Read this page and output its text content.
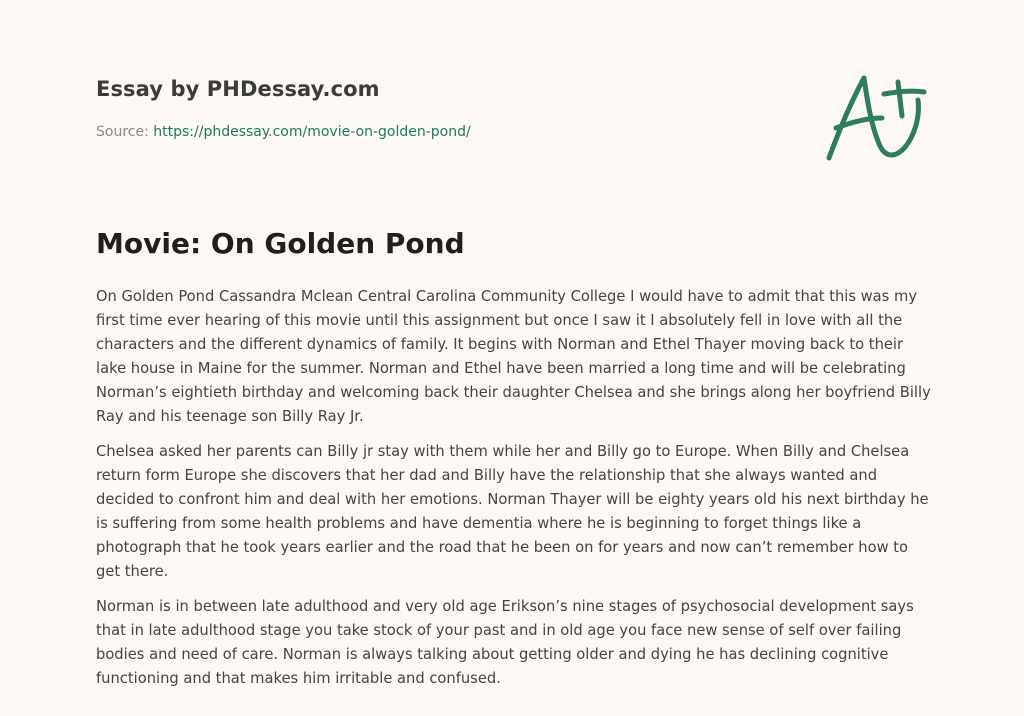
Essay by PHDessay.com
Source: https://phdessay.com/movie-on-golden-pond/
Movie: On Golden Pond

On Golden Pond Cassandra Mclean Central Carolina Community College I would have to admit that this was my first time ever hearing of this movie until this assignment but once I saw it I absolutely fell in love with all the characters and the different dynamics of family. It begins with Norman and Ethel Thayer moving back to their lake house in Maine for the summer. Norman and Ethel have been married a long time and will be celebrating Norman’s eightieth birthday and welcoming back their daughter Chelsea and she brings along her boyfriend Billy Ray and his teenage son Billy Ray Jr.

Chelsea asked her parents can Billy jr stay with them while her and Billy go to Europe. When Billy and Chelsea return form Europe she discovers that her dad and Billy have the relationship that she always wanted and decided to confront him and deal with her emotions. Norman Thayer will be eighty years old his next birthday he is suffering from some health problems and have dementia where he is beginning to forget things like a photograph that he took years earlier and the road that he been on for years and now can’t remember how to get there.

Norman is in between late adulthood and very old age Erikson’s nine stages of psychosocial development says that in late adulthood stage you take stock of your past and in old age you face new sense of self over failing bodies and need of care. Norman is always talking about getting older and dying he has declining cognitive functioning and that makes him irritable and confused.
